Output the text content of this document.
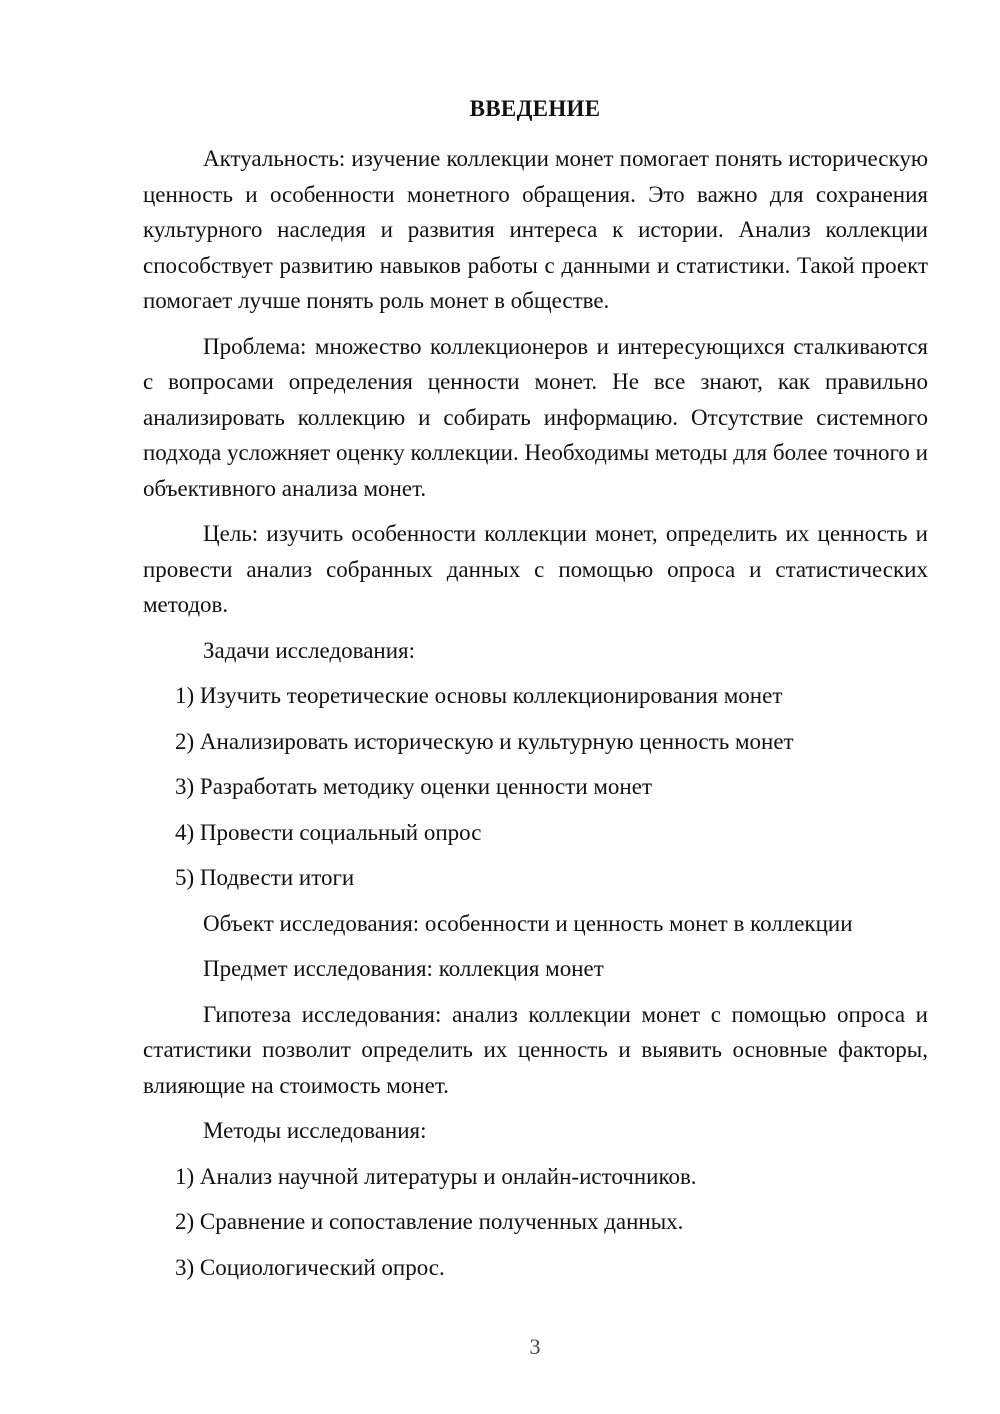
ВВЕДЕНИЕ

Актуальность: изучение коллекции монет помогает понять историческую ценность и особенности монетного обращения. Это важно для сохранения культурного наследия и развития интереса к истории. Анализ коллекции способствует развитию навыков работы с данными и статистики. Такой проект помогает лучше понять роль монет в обществе.

Проблема: множество коллекционеров и интересующихся сталкиваются с вопросами определения ценности монет. Не все знают, как правильно анализировать коллекцию и собирать информацию. Отсутствие системного подхода усложняет оценку коллекции. Необходимы методы для более точного и объективного анализа монет.

Цель: изучить особенности коллекции монет, определить их ценность и провести анализ собранных данных с помощью опроса и статистических методов.

Задачи исследования:

1) Изучить теоретические основы коллекционирования монет

2) Анализировать историческую и культурную ценность монет

3) Разработать методику оценки ценности монет

4) Провести социальный опрос

5) Подвести итоги

Объект исследования: особенности и ценность монет в коллекции

Предмет исследования: коллекция монет

Гипотеза исследования: анализ коллекции монет с помощью опроса и статистики позволит определить их ценность и выявить основные факторы, влияющие на стоимость монет.

Методы исследования:

1) Анализ научной литературы и онлайн-источников.

2) Сравнение и сопоставление полученных данных.

3) Социологический опрос.

3
